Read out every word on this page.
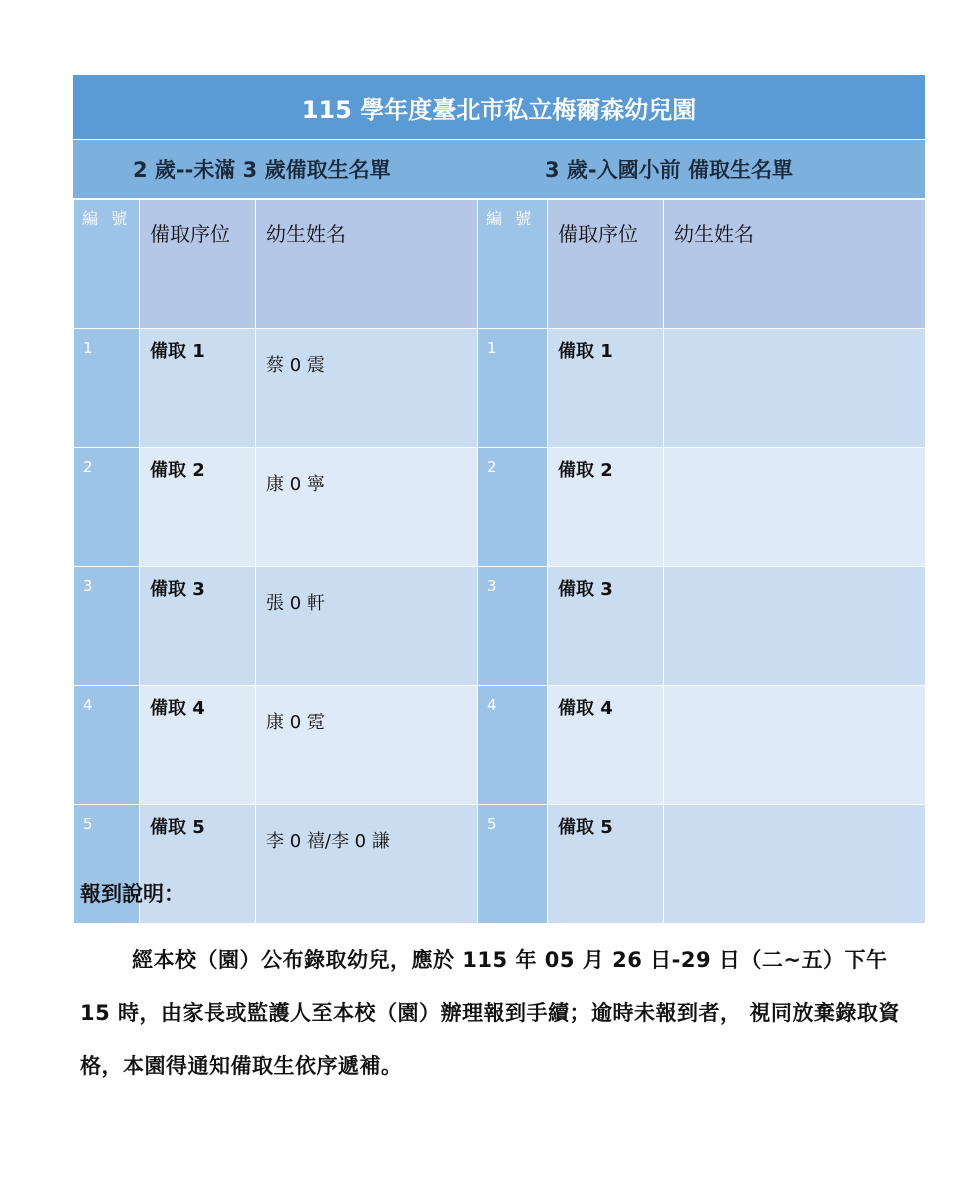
115 學年度臺北市私立梅爾森幼兒園
2 歲--未滿 3 歲備取生名單	3 歲-入國小前 備取生名單
編 號	備取序位	幼生姓名	編 號	備取序位	幼生姓名
1	備取 1	蔡 0 震	1	備取 1	
2	備取 2	康 0 寧	2	備取 2	
3	備取 3	張 0 軒	3	備取 3	
4	備取 4	康 0 霓	4	備取 4	
5	備取 5	李 0 禧/李 0 謙	5	備取 5	
報到說明：
經本校（園）公布錄取幼兒，應於 115 年 05 月 26 日-29 日（二~五）下午 15 時，由家長或監護人至本校（園）辦理報到手續；逾時未報到者， 視同放棄錄取資格，本園得通知備取生依序遞補。
